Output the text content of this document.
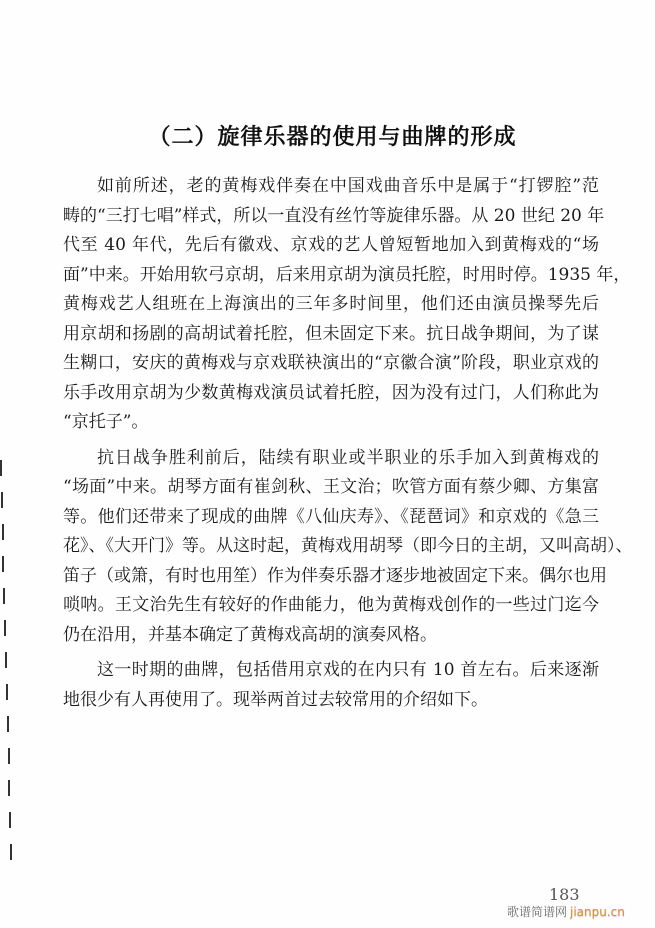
（二）旋律乐器的使用与曲牌的形成
如前所述，老的黄梅戏伴奏在中国戏曲音乐中是属于“打锣腔”范
畴的“三打七唱”样式，所以一直没有丝竹等旋律乐器。从 20 世纪 20 年
代至 40 年代，先后有徽戏、京戏的艺人曾短暂地加入到黄梅戏的“场
面”中来。开始用软弓京胡，后来用京胡为演员托腔，时用时停。1935 年，
黄梅戏艺人组班在上海演出的三年多时间里，他们还由演员操琴先后
用京胡和扬剧的高胡试着托腔，但未固定下来。抗日战争期间，为了谋
生糊口，安庆的黄梅戏与京戏联袂演出的“京徽合演”阶段，职业京戏的
乐手改用京胡为少数黄梅戏演员试着托腔，因为没有过门，人们称此为
“京托子”。
抗日战争胜利前后，陆续有职业或半职业的乐手加入到黄梅戏的
“场面”中来。胡琴方面有崔剑秋、王文治；吹管方面有蔡少卿、方集富
等。他们还带来了现成的曲牌《八仙庆寿》、《琵琶词》和京戏的《急三
花》、《大开门》等。从这时起，黄梅戏用胡琴（即今日的主胡，又叫高胡）、
笛子（或箫，有时也用笙）作为伴奏乐器才逐步地被固定下来。偶尔也用
唢呐。王文治先生有较好的作曲能力，他为黄梅戏创作的一些过门迄今
仍在沿用，并基本确定了黄梅戏高胡的演奏风格。
这一时期的曲牌，包括借用京戏的在内只有 10 首左右。后来逐渐
地很少有人再使用了。现举两首过去较常用的介绍如下。
183
歌谱简谱网 jianpu.cn
